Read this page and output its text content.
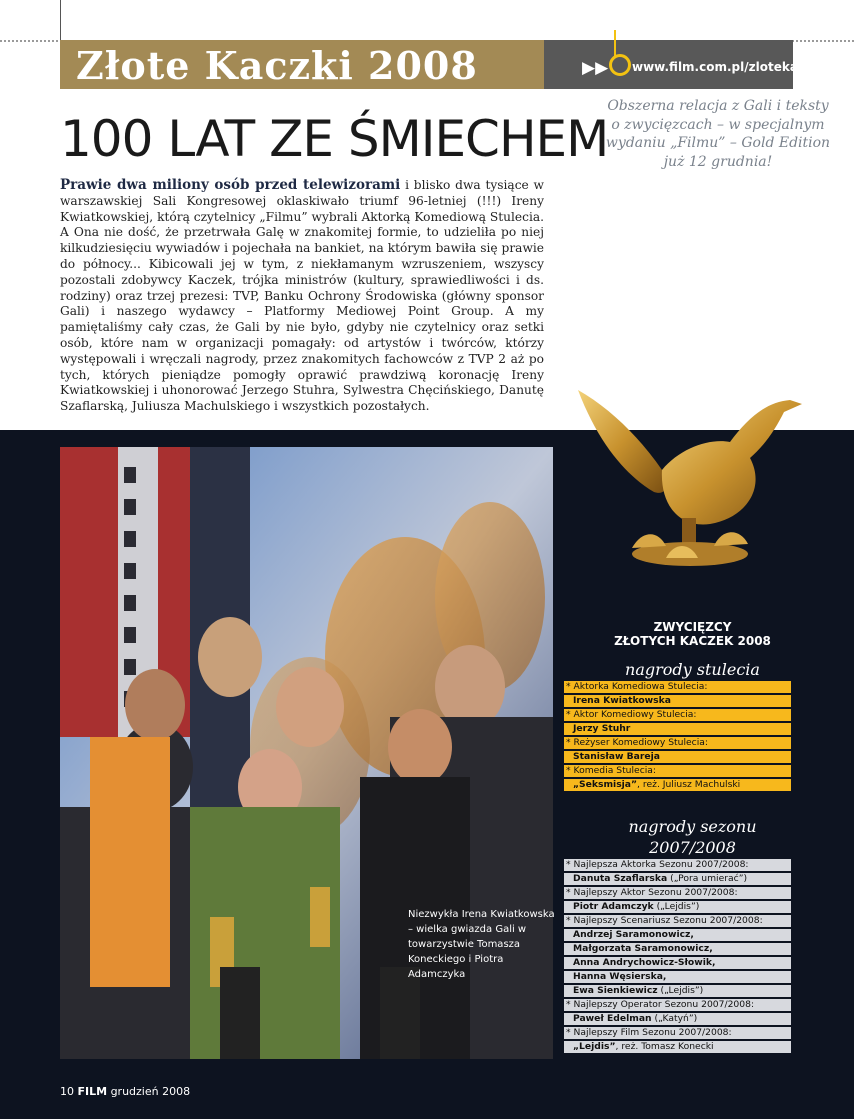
Złote Kaczki 2008	▶▶ www.film.com.pl/zlotekaczki
100 LAT ZE ŚMIECHEM
Obszerna relacja z Gali i teksty o zwycięzcach – w specjalnym wydaniu „Filmu” – Gold Edition już 12 grudnia!
Prawie dwa miliony osób przed telewizorami i blisko dwa tysiące w warszawskiej Sali Kongresowej oklaskiwało triumf 96-letniej (!!!) Ireny Kwiatkowskiej, którą czytelnicy „Filmu” wybrali Aktorką Komediową Stulecia. A Ona nie dość, że przetrwała Galę w znakomitej formie, to udzieliła po niej kilkudziesięciu wywiadów i pojechała na bankiet, na którym bawiła się prawie do północy... Kibicowali jej w tym, z niekłamanym wzruszeniem, wszyscy pozostali zdobywcy Kaczek, trójka ministrów (kultury, sprawiedliwości i ds. rodziny) oraz trzej prezesi: TVP, Banku Ochrony Środowiska (główny sponsor Gali) i naszego wydawcy – Platformy Mediowej Point Group. A my pamiętaliśmy cały czas, że Gali by nie było, gdyby nie czytelnicy oraz setki osób, które nam w organizacji pomagały: od artystów i twórców, którzy występowali i wręczali nagrody, przez znakomitych fachowców z TVP 2 aż po tych, których pieniądze pomogły oprawić prawdziwą koronację Ireny Kwiatkowskiej i uhonorować Jerzego Stuhra, Sylwestra Chęcińskiego, Danutę Szaflarską, Juliusza Machulskiego i wszystkich pozostałych.
Niezwykła Irena Kwiatkowska – wielka gwiazda Gali w towarzystwie Tomasza Koneckiego i Piotra Adamczyka
ZWYCIĘZCY
ZŁOTYCH KACZEK 2008
nagrody stulecia
* Aktorka Komediowa Stulecia:
Irena Kwiatkowska
* Aktor Komediowy Stulecia:
Jerzy Stuhr
* Reżyser Komediowy Stulecia:
Stanisław Bareja
* Komedia Stulecia:
„Seksmisja”, reż. Juliusz Machulski
nagrody sezonu
2007/2008
* Najlepsza Aktorka Sezonu 2007/2008:
Danuta Szaflarska („Pora umierać”)
* Najlepszy Aktor Sezonu 2007/2008:
Piotr Adamczyk („Lejdis”)
* Najlepszy Scenariusz Sezonu 2007/2008:
Andrzej Saramonowicz,
Małgorzata Saramonowicz,
Anna Andrychowicz-Słowik,
Hanna Węsierska,
Ewa Sienkiewicz („Lejdis”)
* Najlepszy Operator Sezonu 2007/2008:
Paweł Edelman („Katyń”)
* Najlepszy Film Sezonu 2007/2008:
„Lejdis”, reż. Tomasz Konecki
10 FILM grudzień 2008
